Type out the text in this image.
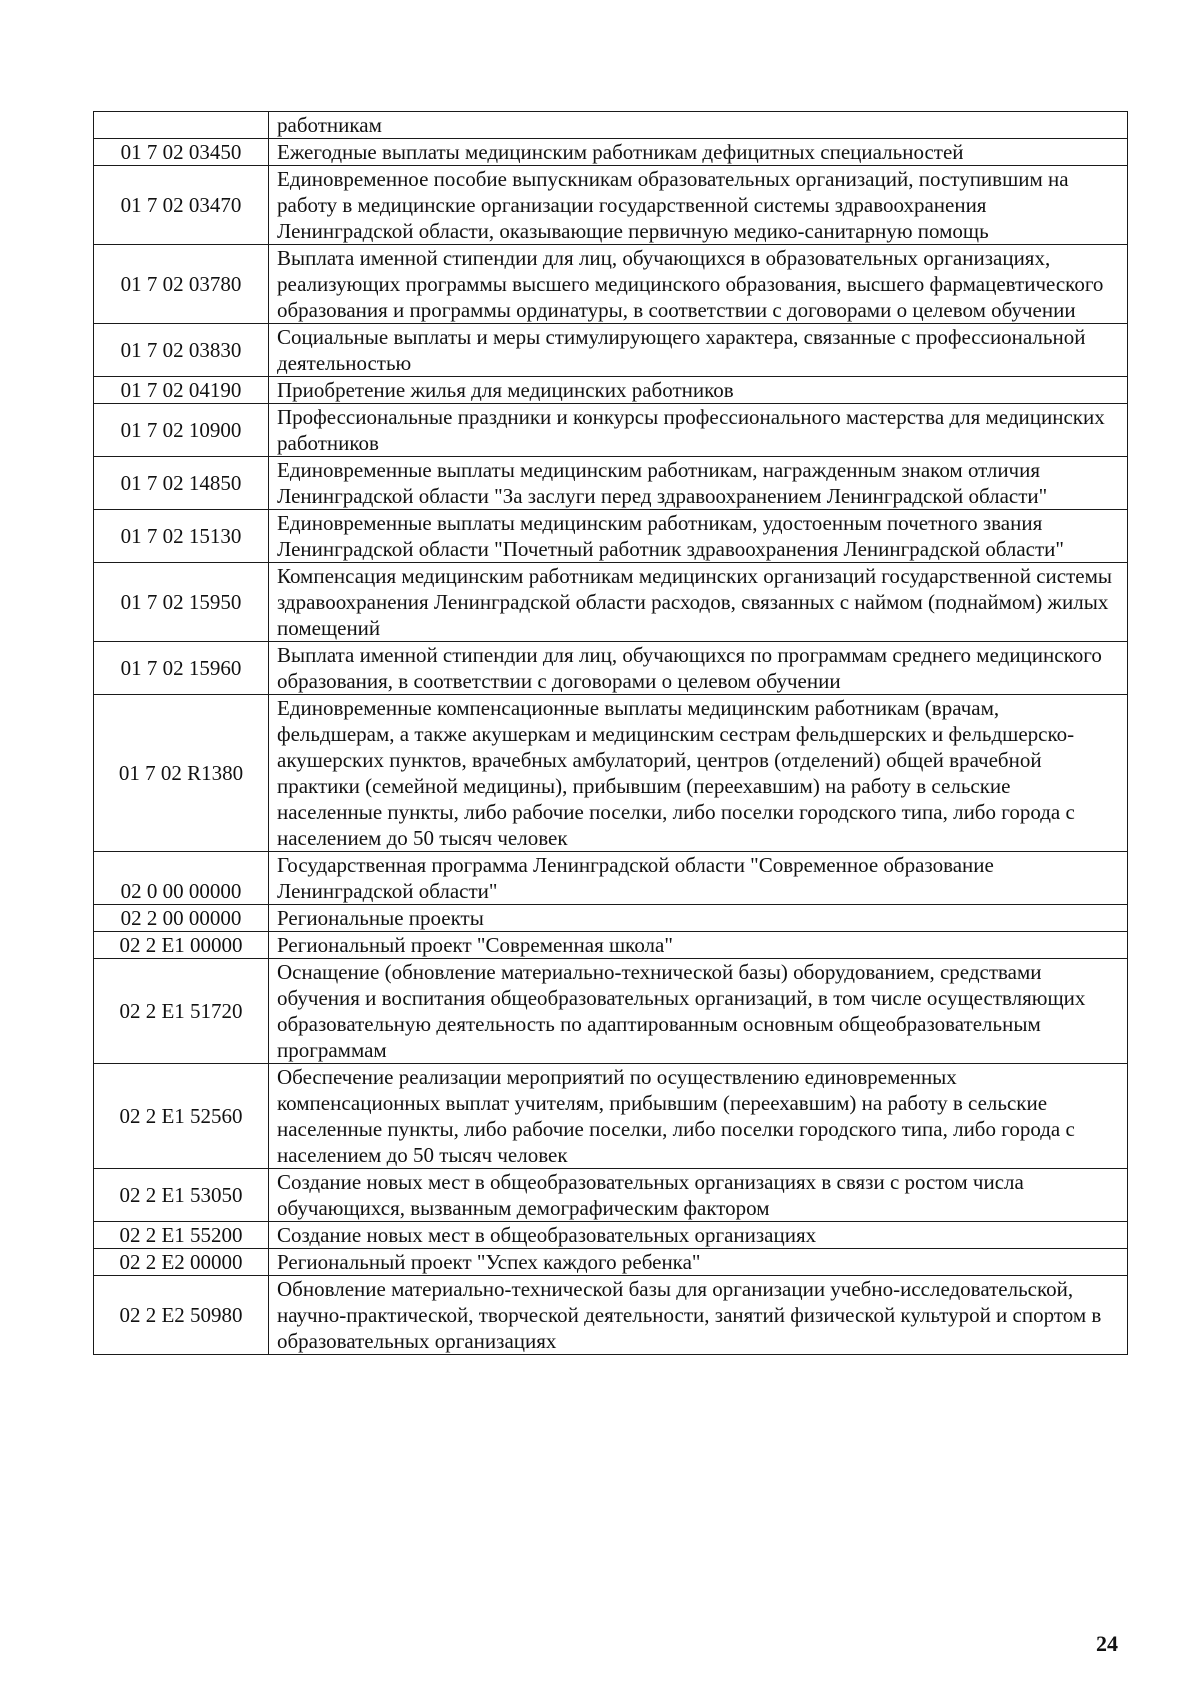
	работникам
01 7 02 03450	Ежегодные выплаты медицинским работникам дефицитных специальностей
01 7 02 03470	Единовременное пособие выпускникам образовательных организаций, поступившим на работу в медицинские организации государственной системы здравоохранения Ленинградской области, оказывающие первичную медико-санитарную помощь
01 7 02 03780	Выплата именной стипендии для лиц, обучающихся в образовательных организациях, реализующих программы высшего медицинского образования, высшего фармацевтического образования и программы ординатуры, в соответствии с договорами о целевом обучении
01 7 02 03830	Социальные выплаты и меры стимулирующего характера, связанные с профессиональной деятельностью
01 7 02 04190	Приобретение жилья для медицинских работников
01 7 02 10900	Профессиональные праздники и конкурсы профессионального мастерства для медицинских работников
01 7 02 14850	Единовременные выплаты медицинским работникам, награжденным знаком отличия Ленинградской области "За заслуги перед здравоохранением Ленинградской области"
01 7 02 15130	Единовременные выплаты медицинским работникам, удостоенным почетного звания Ленинградской области "Почетный работник здравоохранения Ленинградской области"
01 7 02 15950	Компенсация медицинским работникам медицинских организаций государственной системы здравоохранения Ленинградской области расходов, связанных с наймом (поднаймом) жилых помещений
01 7 02 15960	Выплата именной стипендии для лиц, обучающихся по программам среднего медицинского образования, в соответствии с договорами о целевом обучении
01 7 02 R1380	Единовременные компенсационные выплаты медицинским работникам (врачам, фельдшерам, а также акушеркам и медицинским сестрам фельдшерских и фельдшерско-акушерских пунктов, врачебных амбулаторий, центров (отделений) общей врачебной практики (семейной медицины), прибывшим (переехавшим) на работу в сельские населенные пункты, либо рабочие поселки, либо поселки городского типа, либо города с населением до 50 тысяч человек
02 0 00 00000	Государственная программа Ленинградской области "Современное образование Ленинградской области"
02 2 00 00000	Региональные проекты
02 2 E1 00000	Региональный проект "Современная школа"
02 2 E1 51720	Оснащение (обновление материально-технической базы) оборудованием, средствами обучения и воспитания общеобразовательных организаций, в том числе осуществляющих образовательную деятельность по адаптированным основным общеобразовательным программам
02 2 E1 52560	Обеспечение реализации мероприятий по осуществлению единовременных компенсационных выплат учителям, прибывшим (переехавшим) на работу в сельские населенные пункты, либо рабочие поселки, либо поселки городского типа, либо города с населением до 50 тысяч человек
02 2 E1 53050	Создание новых мест в общеобразовательных организациях в связи с ростом числа обучающихся, вызванным демографическим фактором
02 2 E1 55200	Создание новых мест в общеобразовательных организациях
02 2 E2 00000	Региональный проект "Успех каждого ребенка"
02 2 E2 50980	Обновление материально-технической базы для организации учебно-исследовательской, научно-практической, творческой деятельности, занятий физической культурой и спортом в образовательных организациях
24
